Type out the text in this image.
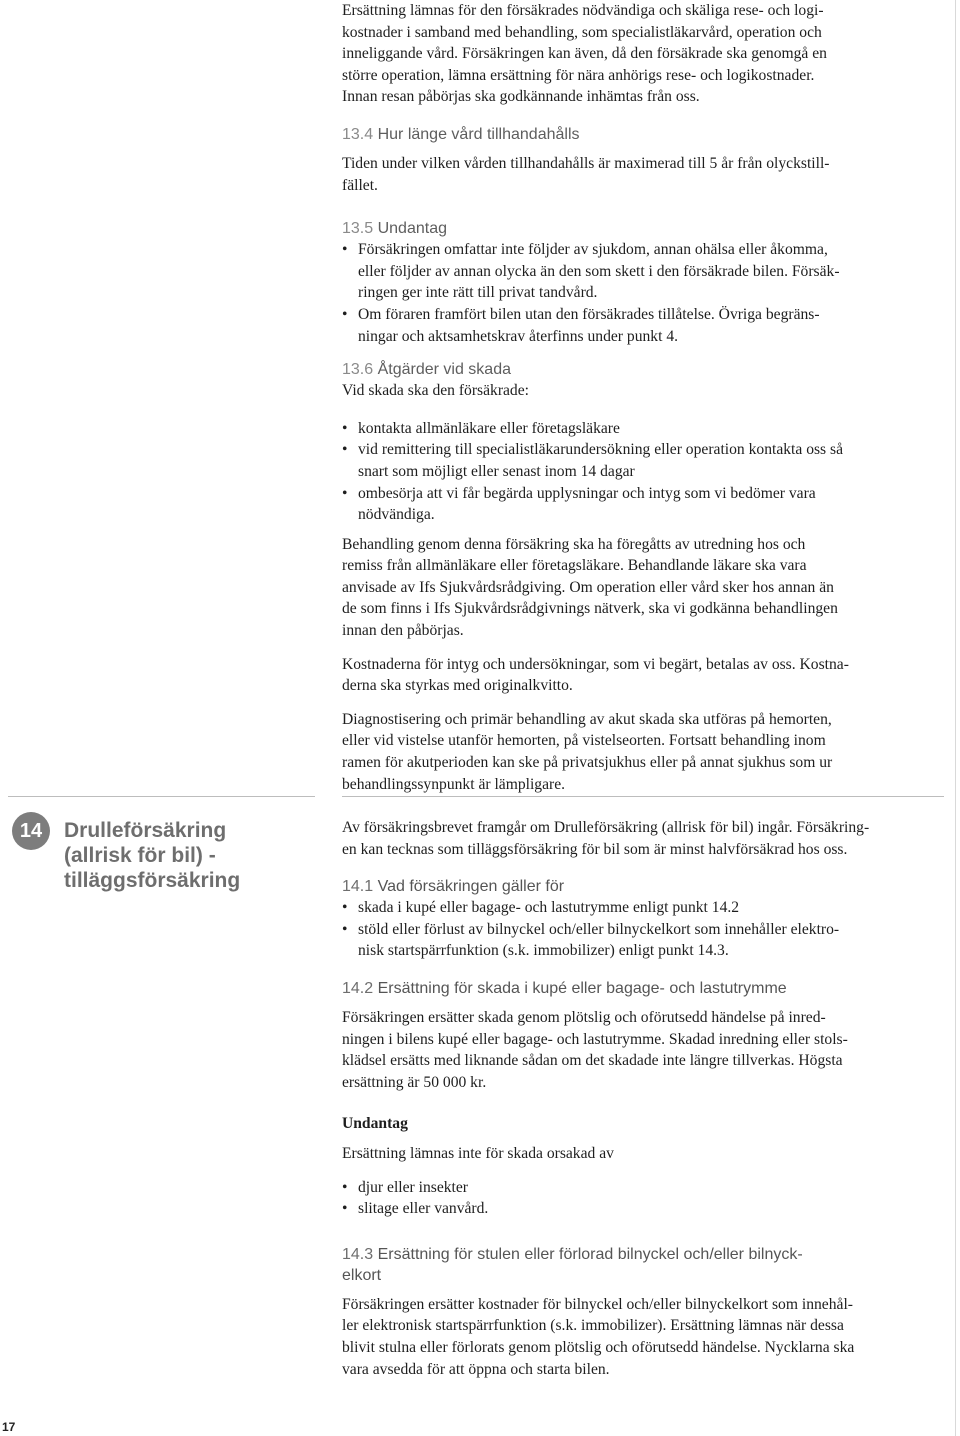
Ersättning lämnas för den försäkrades nödvändiga och skäliga rese- och logi-

kostnader i samband med behandling, som specialistläkarvård, operation och

inneliggande vård. Försäkringen kan även, då den försäkrade ska genomgå en

större operation, lämna ersättning för nära anhörigs rese- och logikostnader.

Innan resan påbörjas ska godkännande inhämtas från oss.

13.4 Hur länge vård tillhandahålls

Tiden under vilken vården tillhandahålls är maximerad till 5 år från olyckstill-

fället.

13.5 Undantag
• Försäkringen omfattar inte följder av sjukdom, annan ohälsa eller åkomma,
eller följder av annan olycka än den som skett i den försäkrade bilen. Försäk-
ringen ger inte rätt till privat tandvård.
• Om föraren framfört bilen utan den försäkrades tillåtelse. Övriga begräns-
ningar och aktsamhetskrav återfinns under punkt 4.
13.6 Åtgärder vid skada

Vid skada ska den försäkrade:

• kontakta allmänläkare eller företagsläkare
• vid remittering till specialistläkarundersökning eller operation kontakta oss så
snart som möjligt eller senast inom 14 dagar
• ombesörja att vi får begärda upplysningar och intyg som vi bedömer vara
nödvändiga.

Behandling genom denna försäkring ska ha föregåtts av utredning hos och

remiss från allmänläkare eller företagsläkare. Behandlande läkare ska vara

anvisade av Ifs Sjukvårdsrådgiving. Om operation eller vård sker hos annan än

de som finns i Ifs Sjukvårdsrådgivnings nätverk, ska vi godkänna behandlingen

innan den påbörjas.

Kostnaderna för intyg och undersökningar, som vi begärt, betalas av oss. Kostna-

derna ska styrkas med originalkvitto.

Diagnostisering och primär behandling av akut skada ska utföras på hemorten,

eller vid vistelse utanför hemorten, på vistelseorten. Fortsatt behandling inom

ramen för akutperioden kan ske på privatsjukhus eller på annat sjukhus som ur

behandlingssynpunkt är lämpligare.

14	Drulleförsäkring
(allrisk för bil) -
tilläggsförsäkring

Av försäkringsbrevet framgår om Drulleförsäkring (allrisk för bil) ingår. Försäkring-

en kan tecknas som tilläggsförsäkring för bil som är minst halvförsäkrad hos oss.

14.1 Vad försäkringen gäller för
• skada i kupé eller bagage- och lastutrymme enligt punkt 14.2
• stöld eller förlust av bilnyckel och/eller bilnyckelkort som innehåller elektro-
nisk startspärrfunktion (s.k. immobilizer) enligt punkt 14.3.
14.2 Ersättning för skada i kupé eller bagage- och lastutrymme

Försäkringen ersätter skada genom plötslig och oförutsedd händelse på inred-

ningen i bilens kupé eller bagage- och lastutrymme. Skadad inredning eller stols-

klädsel ersätts med liknande sådan om det skadade inte längre tillverkas. Högsta

ersättning är 50 000 kr.

Undantag

Ersättning lämnas inte för skada orsakad av

• djur eller insekter
• slitage eller vanvård.
14.3 Ersättning för stulen eller förlorad bilnyckel och/eller bilnyck-
elkort

Försäkringen ersätter kostnader för bilnyckel och/eller bilnyckelkort som innehål-

ler elektronisk startspärrfunktion (s.k. immobilizer). Ersättning lämnas när dessa

blivit stulna eller förlorats genom plötslig och oförutsedd händelse. Nycklarna ska

vara avsedda för att öppna och starta bilen.

17
